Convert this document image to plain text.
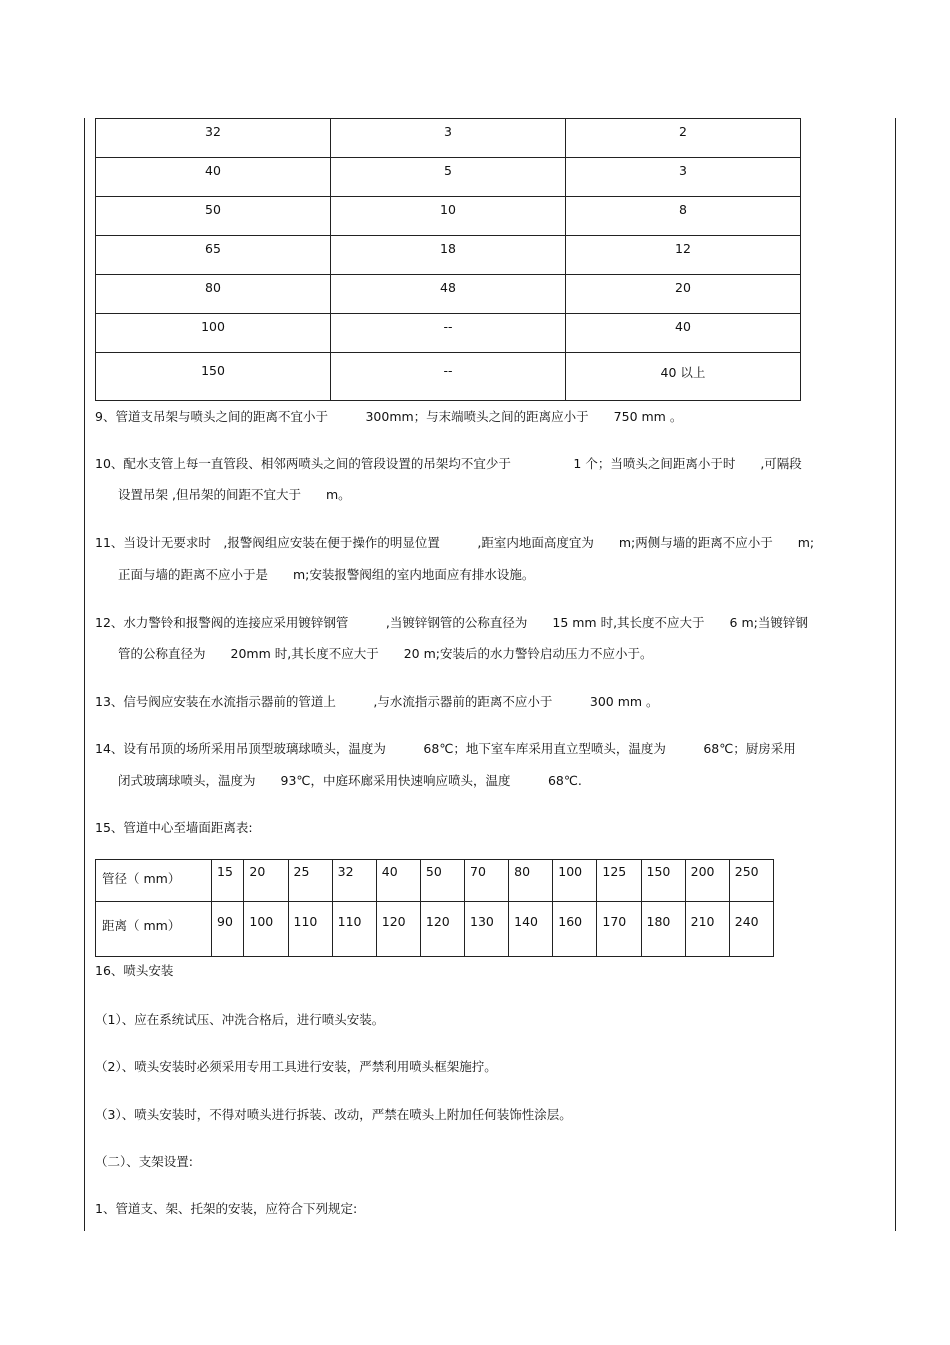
32	3	2
40	5	3
50	10	8
65	18	12
80	48	20
100	--	40
150	--	40 以上
9、管道支吊架与喷头之间的距离不宜小于　　　300mm；与末端喷头之间的距离应小于　　750 mm 。
10、配水支管上每一直管段、相邻两喷头之间的管段设置的吊架均不宜少于　　　　　1 个；当喷头之间距离小于时　　,可隔段
设置吊架 ,但吊架的间距不宜大于　　m。
11、当设计无要求时　,报警阀组应安装在便于操作的明显位置　　　,距室内地面高度宜为　　m;两侧与墙的距离不应小于　　m;
正面与墙的距离不应小于是　　m;安装报警阀组的室内地面应有排水设施。
12、水力警铃和报警阀的连接应采用镀锌钢管　　　,当镀锌钢管的公称直径为　　15 mm 时,其长度不应大于　　6 m;当镀锌钢
管的公称直径为　　20mm 时,其长度不应大于　　20 m;安装后的水力警铃启动压力不应小于。
13、信号阀应安装在水流指示器前的管道上　　　,与水流指示器前的距离不应小于　　　300 mm 。
14、设有吊顶的场所采用吊顶型玻璃球喷头，温度为　　　68℃；地下室车库采用直立型喷头，温度为　　　68℃；厨房采用
闭式玻璃球喷头，温度为　　93℃，中庭环廊采用快速响应喷头，温度　　　68℃.
15、管道中心至墙面距离表:
管径（ mm）	15	20	25	32	40	50	70	80	100	125	150	200	250
距离（ mm）	90	100	110	110	120	120	130	140	160	170	180	210	240
16、喷头安装
（1）、应在系统试压、冲洗合格后，进行喷头安装。
（2）、喷头安装时必须采用专用工具进行安装，严禁利用喷头框架施拧。
（3）、喷头安装时，不得对喷头进行拆装、改动，严禁在喷头上附加任何装饰性涂层。
（二）、支架设置:
1、管道支、架、托架的安装，应符合下列规定:
